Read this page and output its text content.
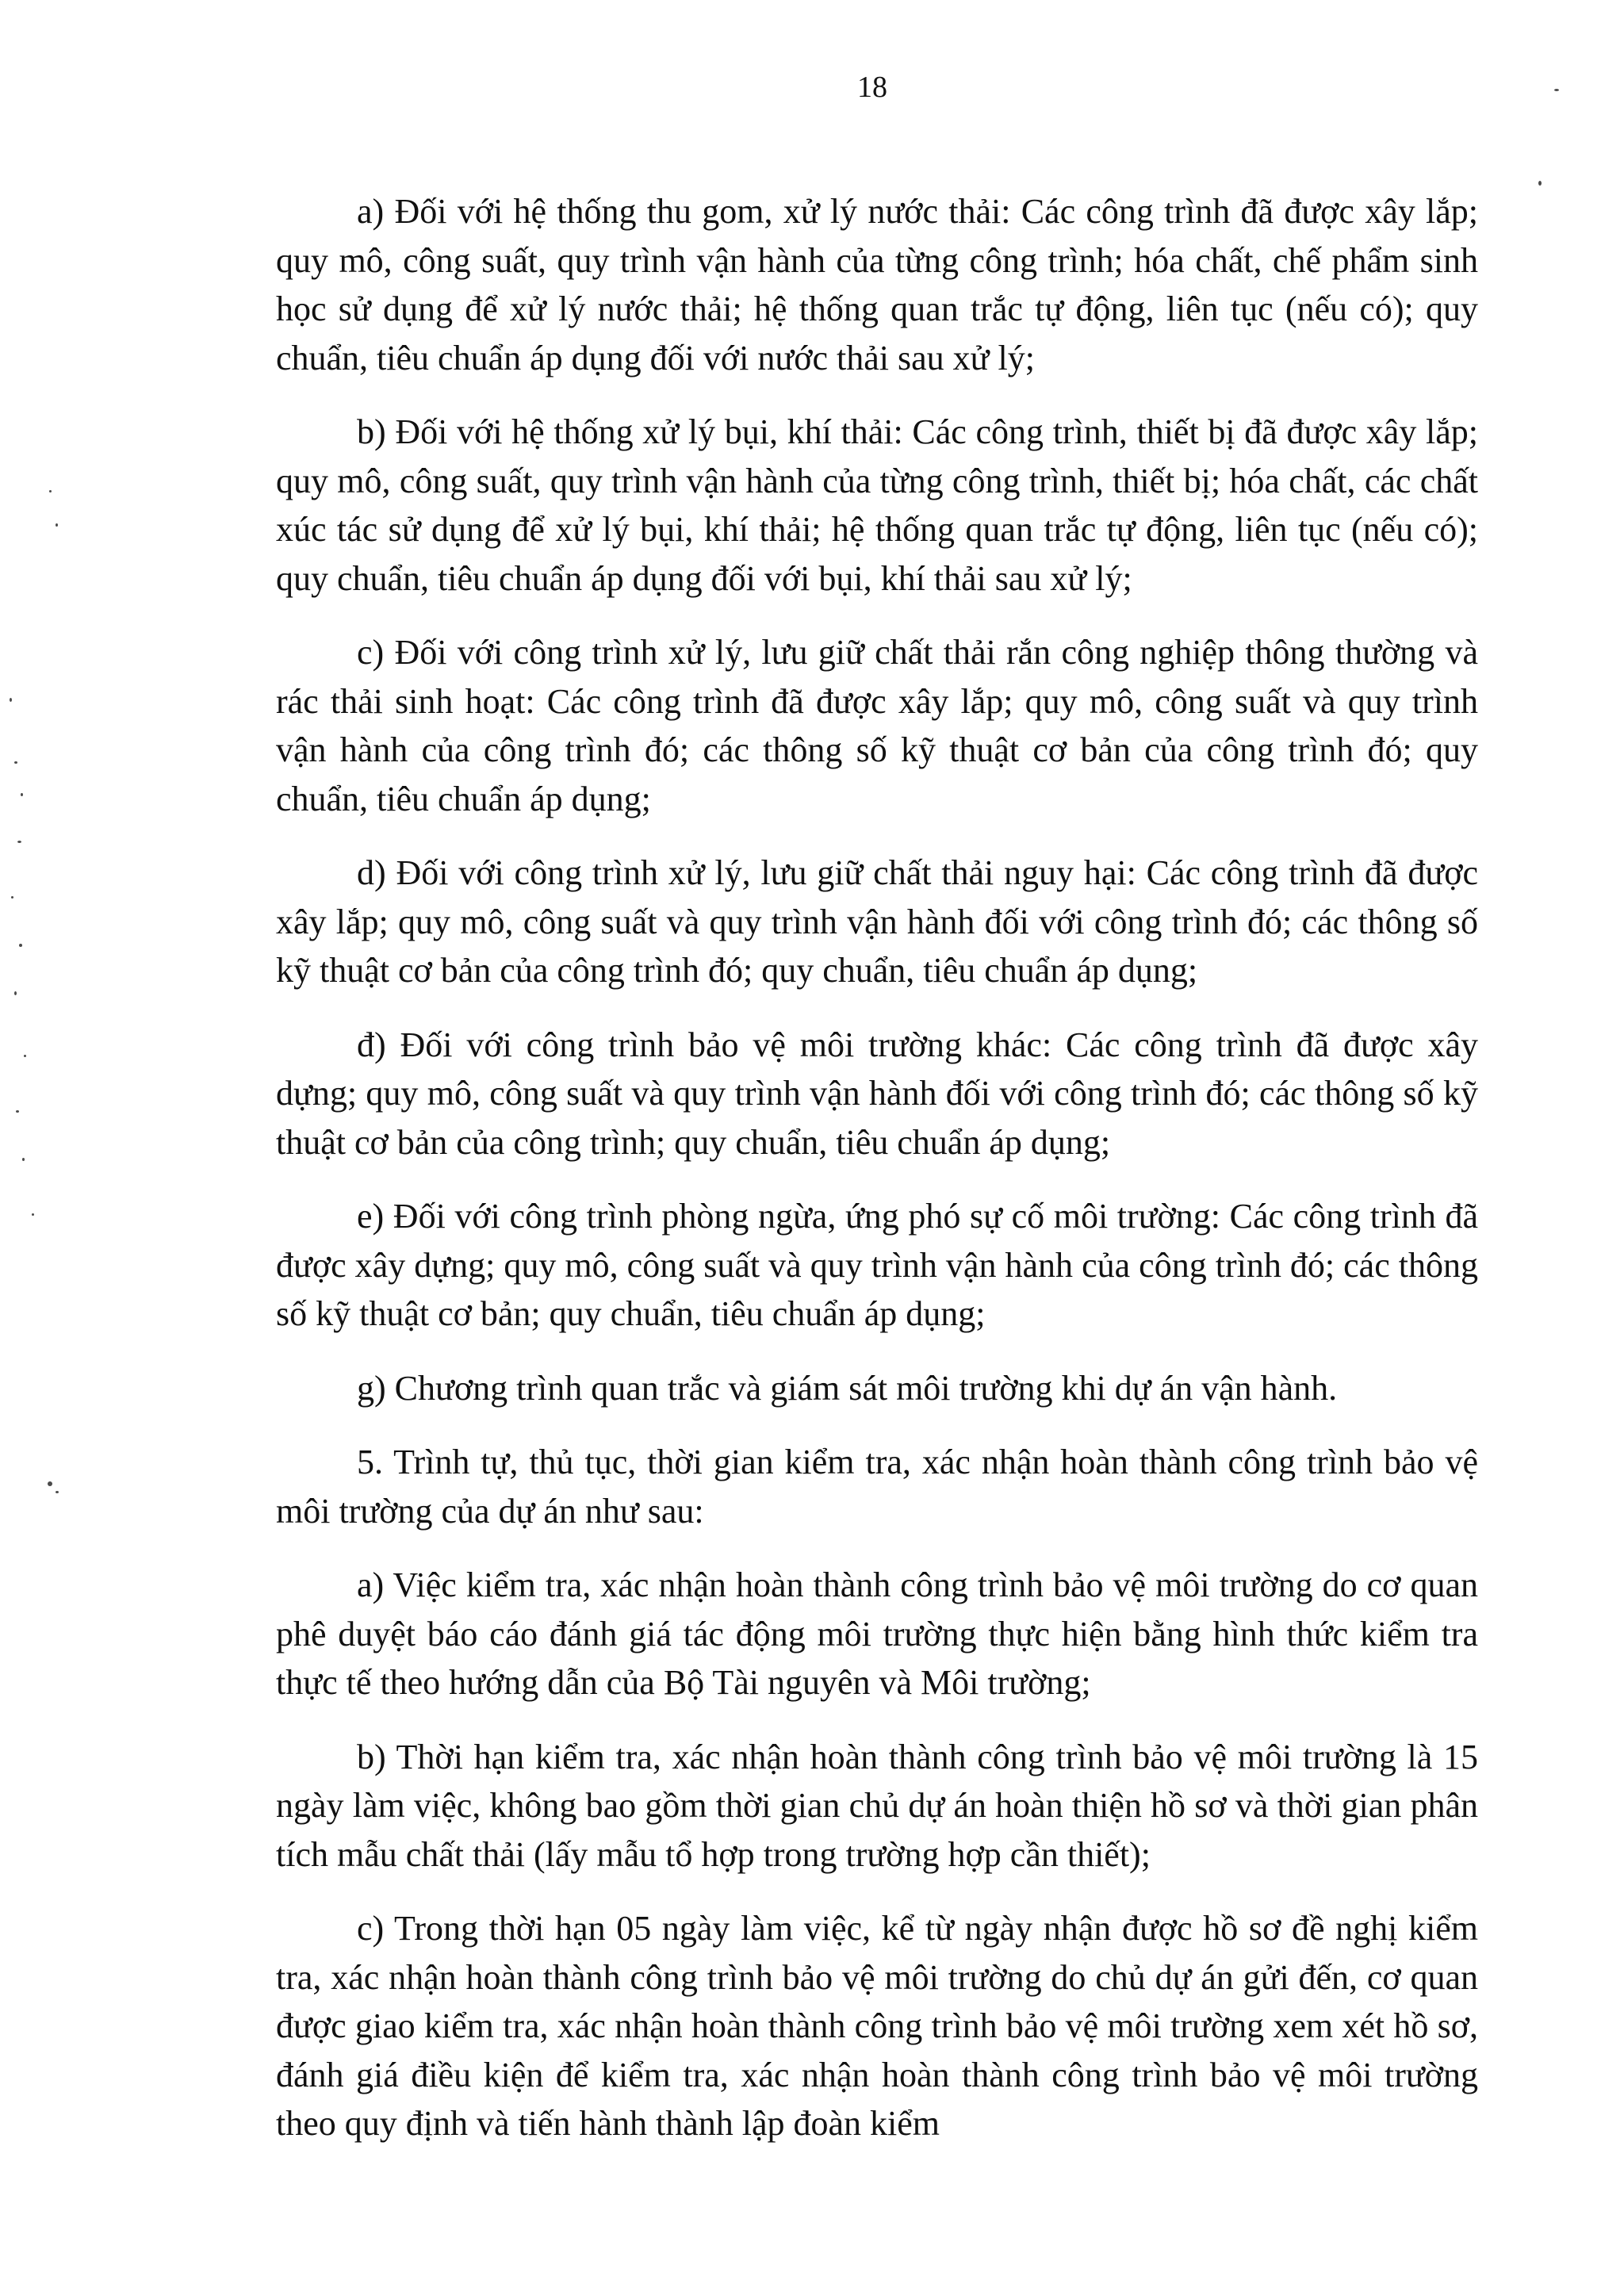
18

a) Đối với hệ thống thu gom, xử lý nước thải: Các công trình đã được xây lắp; quy mô, công suất, quy trình vận hành của từng công trình; hóa chất, chế phẩm sinh học sử dụng để xử lý nước thải; hệ thống quan trắc tự động, liên tục (nếu có); quy chuẩn, tiêu chuẩn áp dụng đối với nước thải sau xử lý;

b) Đối với hệ thống xử lý bụi, khí thải: Các công trình, thiết bị đã được xây lắp; quy mô, công suất, quy trình vận hành của từng công trình, thiết bị; hóa chất, các chất xúc tác sử dụng để xử lý bụi, khí thải; hệ thống quan trắc tự động, liên tục (nếu có); quy chuẩn, tiêu chuẩn áp dụng đối với bụi, khí thải sau xử lý;

c) Đối với công trình xử lý, lưu giữ chất thải rắn công nghiệp thông thường và rác thải sinh hoạt: Các công trình đã được xây lắp; quy mô, công suất và quy trình vận hành của công trình đó; các thông số kỹ thuật cơ bản của công trình đó; quy chuẩn, tiêu chuẩn áp dụng;

d) Đối với công trình xử lý, lưu giữ chất thải nguy hại: Các công trình đã được xây lắp; quy mô, công suất và quy trình vận hành đối với công trình đó; các thông số kỹ thuật cơ bản của công trình đó; quy chuẩn, tiêu chuẩn áp dụng;

đ) Đối với công trình bảo vệ môi trường khác: Các công trình đã được xây dựng; quy mô, công suất và quy trình vận hành đối với công trình đó; các thông số kỹ thuật cơ bản của công trình; quy chuẩn, tiêu chuẩn áp dụng;

e) Đối với công trình phòng ngừa, ứng phó sự cố môi trường: Các công trình đã được xây dựng; quy mô, công suất và quy trình vận hành của công trình đó; các thông số kỹ thuật cơ bản; quy chuẩn, tiêu chuẩn áp dụng;

g) Chương trình quan trắc và giám sát môi trường khi dự án vận hành.

5. Trình tự, thủ tục, thời gian kiểm tra, xác nhận hoàn thành công trình bảo vệ môi trường của dự án như sau:

a) Việc kiểm tra, xác nhận hoàn thành công trình bảo vệ môi trường do cơ quan phê duyệt báo cáo đánh giá tác động môi trường thực hiện bằng hình thức kiểm tra thực tế theo hướng dẫn của Bộ Tài nguyên và Môi trường;

b) Thời hạn kiểm tra, xác nhận hoàn thành công trình bảo vệ môi trường là 15 ngày làm việc, không bao gồm thời gian chủ dự án hoàn thiện hồ sơ và thời gian phân tích mẫu chất thải (lấy mẫu tổ hợp trong trường hợp cần thiết);

c) Trong thời hạn 05 ngày làm việc, kể từ ngày nhận được hồ sơ đề nghị kiểm tra, xác nhận hoàn thành công trình bảo vệ môi trường do chủ dự án gửi đến, cơ quan được giao kiểm tra, xác nhận hoàn thành công trình bảo vệ môi trường xem xét hồ sơ, đánh giá điều kiện để kiểm tra, xác nhận hoàn thành công trình bảo vệ môi trường theo quy định và tiến hành thành lập đoàn kiểm
